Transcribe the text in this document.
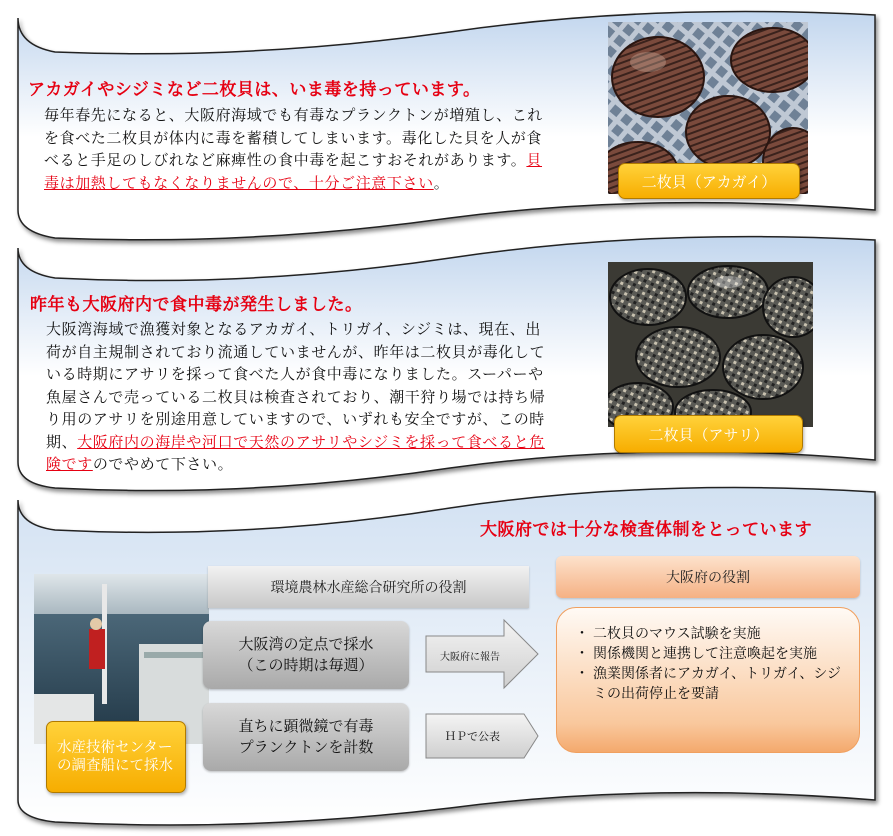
アカガイやシジミなど二枚貝は、いま毒を持っています。
毎年春先になると、大阪府海域でも有毒なプランクトンが増殖し、これを食べた二枚貝が体内に毒を蓄積してしまいます。毒化した貝を人が食べると手足のしびれなど麻痺性の食中毒を起こすおそれがあります。貝毒は加熱してもなくなりませんので、十分ご注意下さい。	二枚貝（アカガイ）
昨年も大阪府内で食中毒が発生しました。
大阪湾海域で漁獲対象となるアカガイ、トリガイ、シジミは、現在、出荷が自主規制されており流通していませんが、昨年は二枚貝が毒化している時期にアサリを採って食べた人が食中毒になりました。スーパーや魚屋さんで売っている二枚貝は検査されており、潮干狩り場では持ち帰り用のアサリを別途用意していますので、いずれも安全ですが、この時期、大阪府内の海岸や河口で天然のアサリやシジミを採って食べると危険ですのでやめて下さい。
二枚貝（アサリ）
大阪府では十分な検査体制をとっています
水産技術センターの調査船にて採水
環境農林水産総合研究所の役割
大阪湾の定点で採水
（この時期は毎週）
直ちに顕微鏡で有毒
プランクトンを計数
大阪府に報告
ＨＰで公表
大阪府の役割
・ 二枚貝のマウス試験を実施
・ 関係機関と連携して注意喚起を実施
・ 漁業関係者にアカガイ、トリガイ、シジミの出荷停止を要請
